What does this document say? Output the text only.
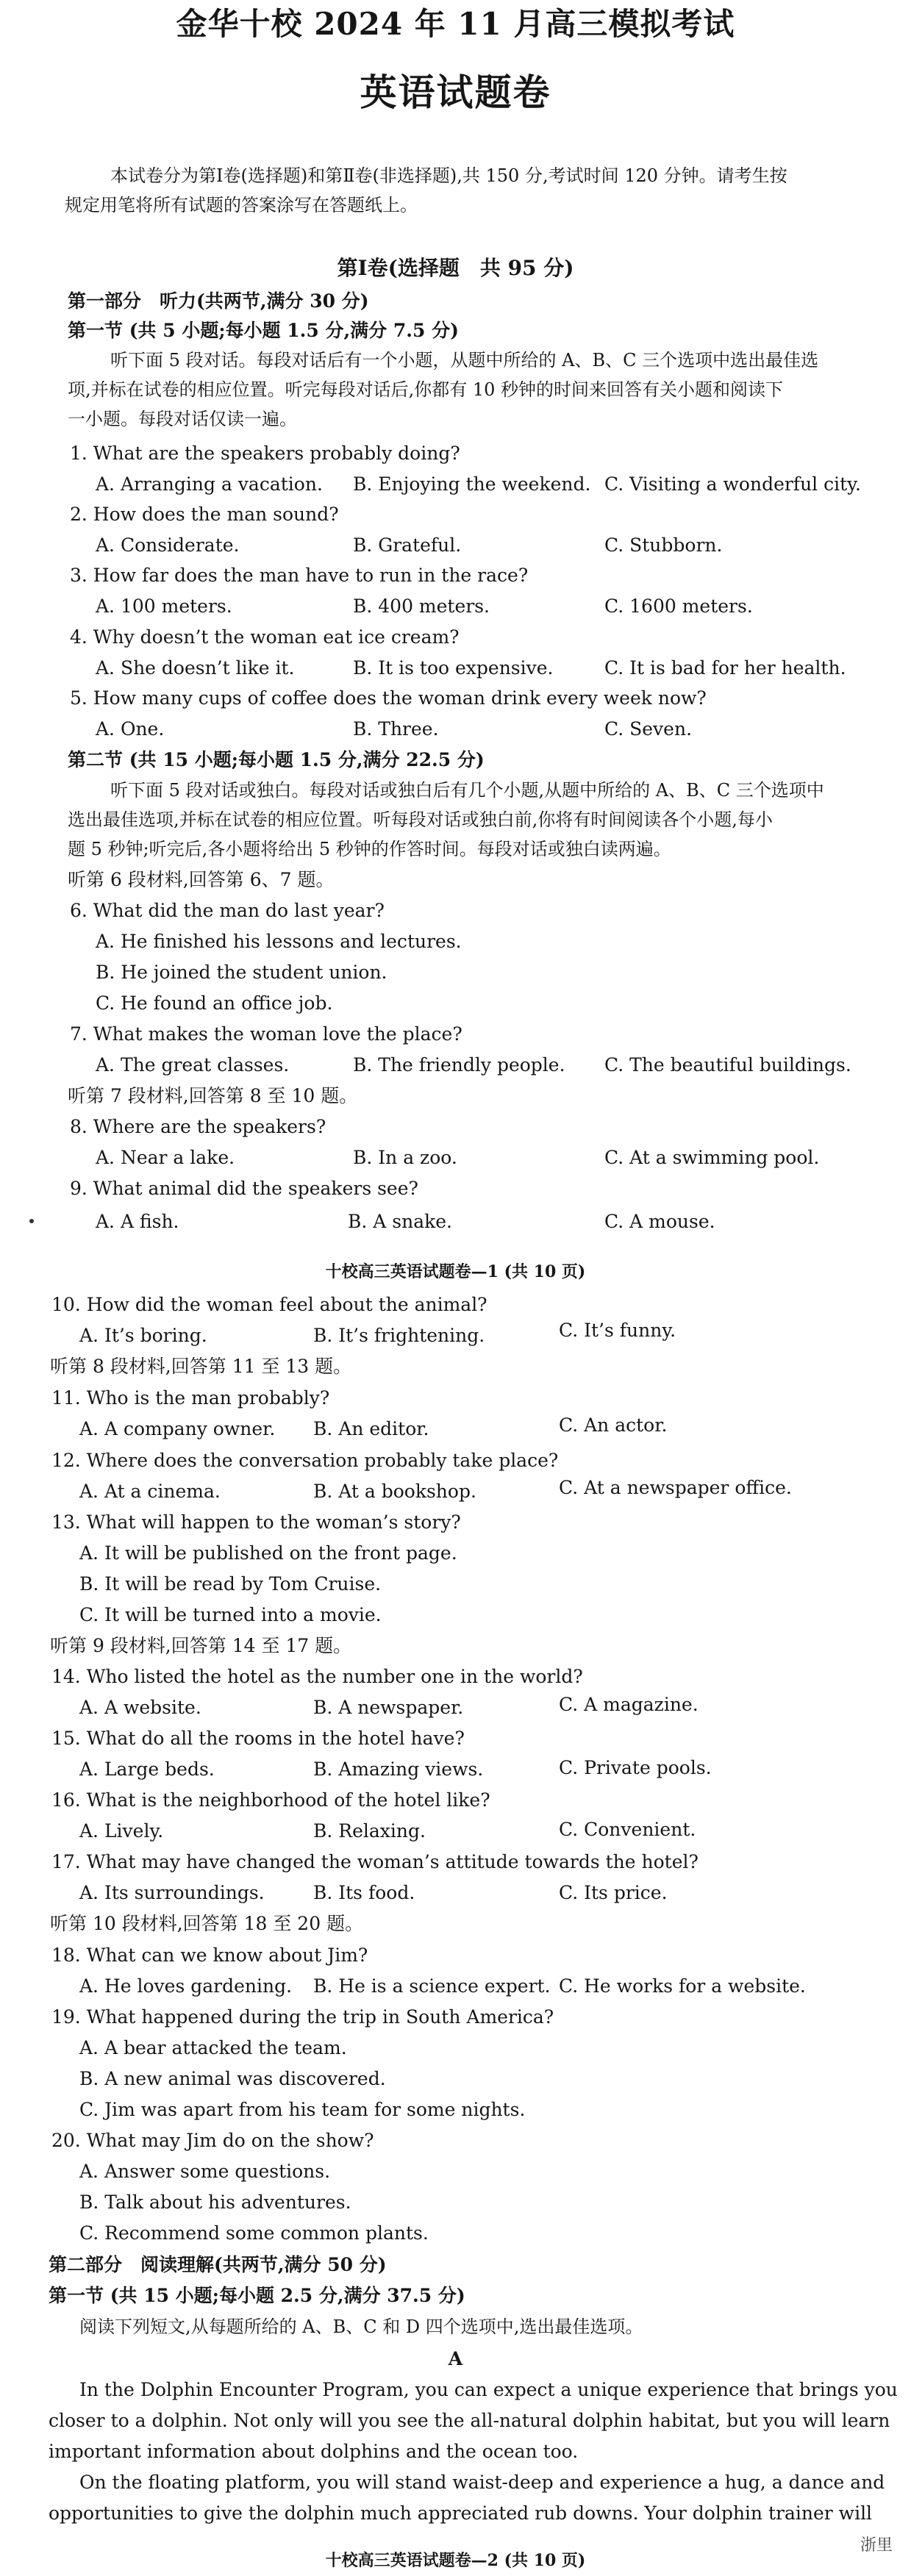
金华十校 2024 年 11 月高三模拟考试
英语试题卷
本试卷分为第Ⅰ卷(选择题)和第Ⅱ卷(非选择题),共 150 分,考试时间 120 分钟。请考生按
规定用笔将所有试题的答案涂写在答题纸上。
第Ⅰ卷(选择题　共 95 分)
第一部分　听力(共两节,满分 30 分)
第一节 (共 5 小题;每小题 1.5 分,满分 7.5 分)
听下面 5 段对话。每段对话后有一个小题，从题中所给的 A、B、C 三个选项中选出最佳选
项,并标在试卷的相应位置。听完每段对话后,你都有 10 秒钟的时间来回答有关小题和阅读下
一小题。每段对话仅读一遍。
1. What are the speakers probably doing?
A. Arranging a vacation. B. Enjoying the weekend. C. Visiting a wonderful city.
2. How does the man sound?
A. Considerate.	B. Grateful.	C. Stubborn.
3. How far does the man have to run in the race?
A. 100 meters.	B. 400 meters.	C. 1600 meters.
4. Why doesn’t the woman eat ice cream?
A. She doesn’t like it.	B. It is too expensive.	C. It is bad for her health.
5. How many cups of coffee does the woman drink every week now?
A. One.	B. Three.	C. Seven.
第二节 (共 15 小题;每小题 1.5 分,满分 22.5 分)
听下面 5 段对话或独白。每段对话或独白后有几个小题,从题中所给的 A、B、C 三个选项中
选出最佳选项,并标在试卷的相应位置。听每段对话或独白前,你将有时间阅读各个小题,每小
题 5 秒钟;听完后,各小题将给出 5 秒钟的作答时间。每段对话或独白读两遍。
听第 6 段材料,回答第 6、7 题。
6. What did the man do last year?
A. He finished his lessons and lectures.
B. He joined the student union.
C. He found an office job.
7. What makes the woman love the place?
A. The great classes.	B. The friendly people. C. The beautiful buildings.
听第 7 段材料,回答第 8 至 10 题。
8. Where are the speakers?
A. Near a lake.	B. In a zoo.	C. At a swimming pool.
9. What animal did the speakers see?
A. A fish.	B. A snake.	C. A mouse.
十校高三英语试题卷—1 (共 10 页)
10. How did the woman feel about the animal?
A. It’s boring.	B. It’s frightening.	C. It’s funny.
听第 8 段材料,回答第 11 至 13 题。
11. Who is the man probably?
A. A company owner. B. An editor.	C. An actor.
12. Where does the conversation probably take place?
A. At a cinema.	B. At a bookshop.	C. At a newspaper office.
13. What will happen to the woman’s story?
A. It will be published on the front page.
B. It will be read by Tom Cruise.
C. It will be turned into a movie.
听第 9 段材料,回答第 14 至 17 题。
14. Who listed the hotel as the number one in the world?
A. A website.	B. A newspaper.	C. A magazine.
15. What do all the rooms in the hotel have?
A. Large beds.	B. Amazing views.	C. Private pools.
16. What is the neighborhood of the hotel like?
A. Lively.	B. Relaxing.	C. Convenient.
17. What may have changed the woman’s attitude towards the hotel?
A. Its surroundings.	B. Its food.	C. Its price.
听第 10 段材料,回答第 18 至 20 题。
18. What can we know about Jim?
A. He loves gardening. B. He is a science expert. C. He works for a website.
19. What happened during the trip in South America?
A. A bear attacked the team.
B. A new animal was discovered.
C. Jim was apart from his team for some nights.
20. What may Jim do on the show?
A. Answer some questions.
B. Talk about his adventures.
C. Recommend some common plants.
第二部分　阅读理解(共两节,满分 50 分)
第一节 (共 15 小题;每小题 2.5 分,满分 37.5 分)
阅读下列短文,从每题所给的 A、B、C 和 D 四个选项中,选出最佳选项。
A
In the Dolphin Encounter Program, you can expect a unique experience that brings you
closer to a dolphin. Not only will you see the all-natural dolphin habitat, but you will learn
important information about dolphins and the ocean too.
On the floating platform, you will stand waist-deep and experience a hug, a dance and
opportunities to give the dolphin much appreciated rub downs. Your dolphin trainer will
浙里
十校高三英语试题卷—2 (共 10 页)
